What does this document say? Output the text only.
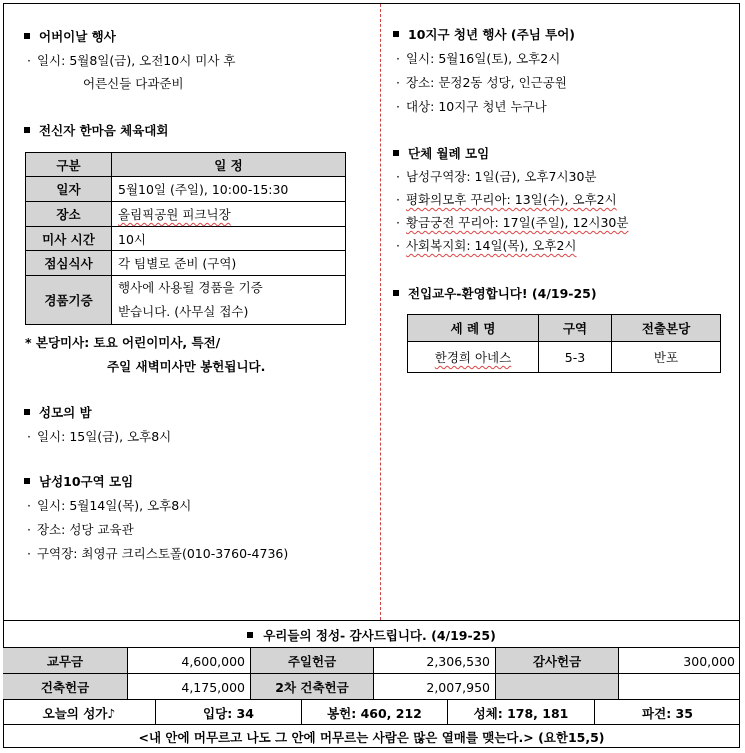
어버이날 행사
· 일시: 5월8일(금), 오전10시 미사 후
어른신들 다과준비
전신자 한마음 체육대회
구분	일 정
일자	5월10일 (주일), 10:00-15:30
장소	올림픽공원 피크닉장
미사 시간	10시
점심식사	각 팀별로 준비 (구역)
경품기증	행사에 사용될 경품을 기증
받습니다. (사무실 접수)
* 본당미사: 토요 어린이미사, 특전/
주일 새벽미사만 봉헌됩니다.
성모의 밤
· 일시: 15일(금), 오후8시
남성10구역 모임
· 일시: 5월14일(목), 오후8시
· 장소: 성당 교육관
· 구역장: 최영규 크리스토폴(010-3760-4736)
10지구 청년 행사 (주님 투어)
· 일시: 5월16일(토), 오후2시
· 장소: 문정2동 성당, 인근공원
· 대상: 10지구 청년 누구나
단체 월례 모임
· 남성구역장: 1일(금), 오후7시30분
· 평화의모후 꾸리아: 13일(수), 오후2시
· 황금궁전 꾸리아: 17일(주일), 12시30분
· 사회복지회: 14일(목), 오후2시
전입교우-환영합니다! (4/19-25)
세 례 명	구역	전출본당
한경희 아네스	5-3	반포
우리들의 정성- 감사드립니다. (4/19-25)
교무금	4,600,000	주일헌금	2,306,530	감사헌금	300,000
건축헌금	4,175,000	2차 건축헌금	2,007,950
오늘의 성가♪	입당: 34	봉헌: 460, 212	성체: 178, 181	파견: 35
<내 안에 머무르고 나도 그 안에 머무르는 사람은 많은 열매를 맺는다.> (요한15,5)
